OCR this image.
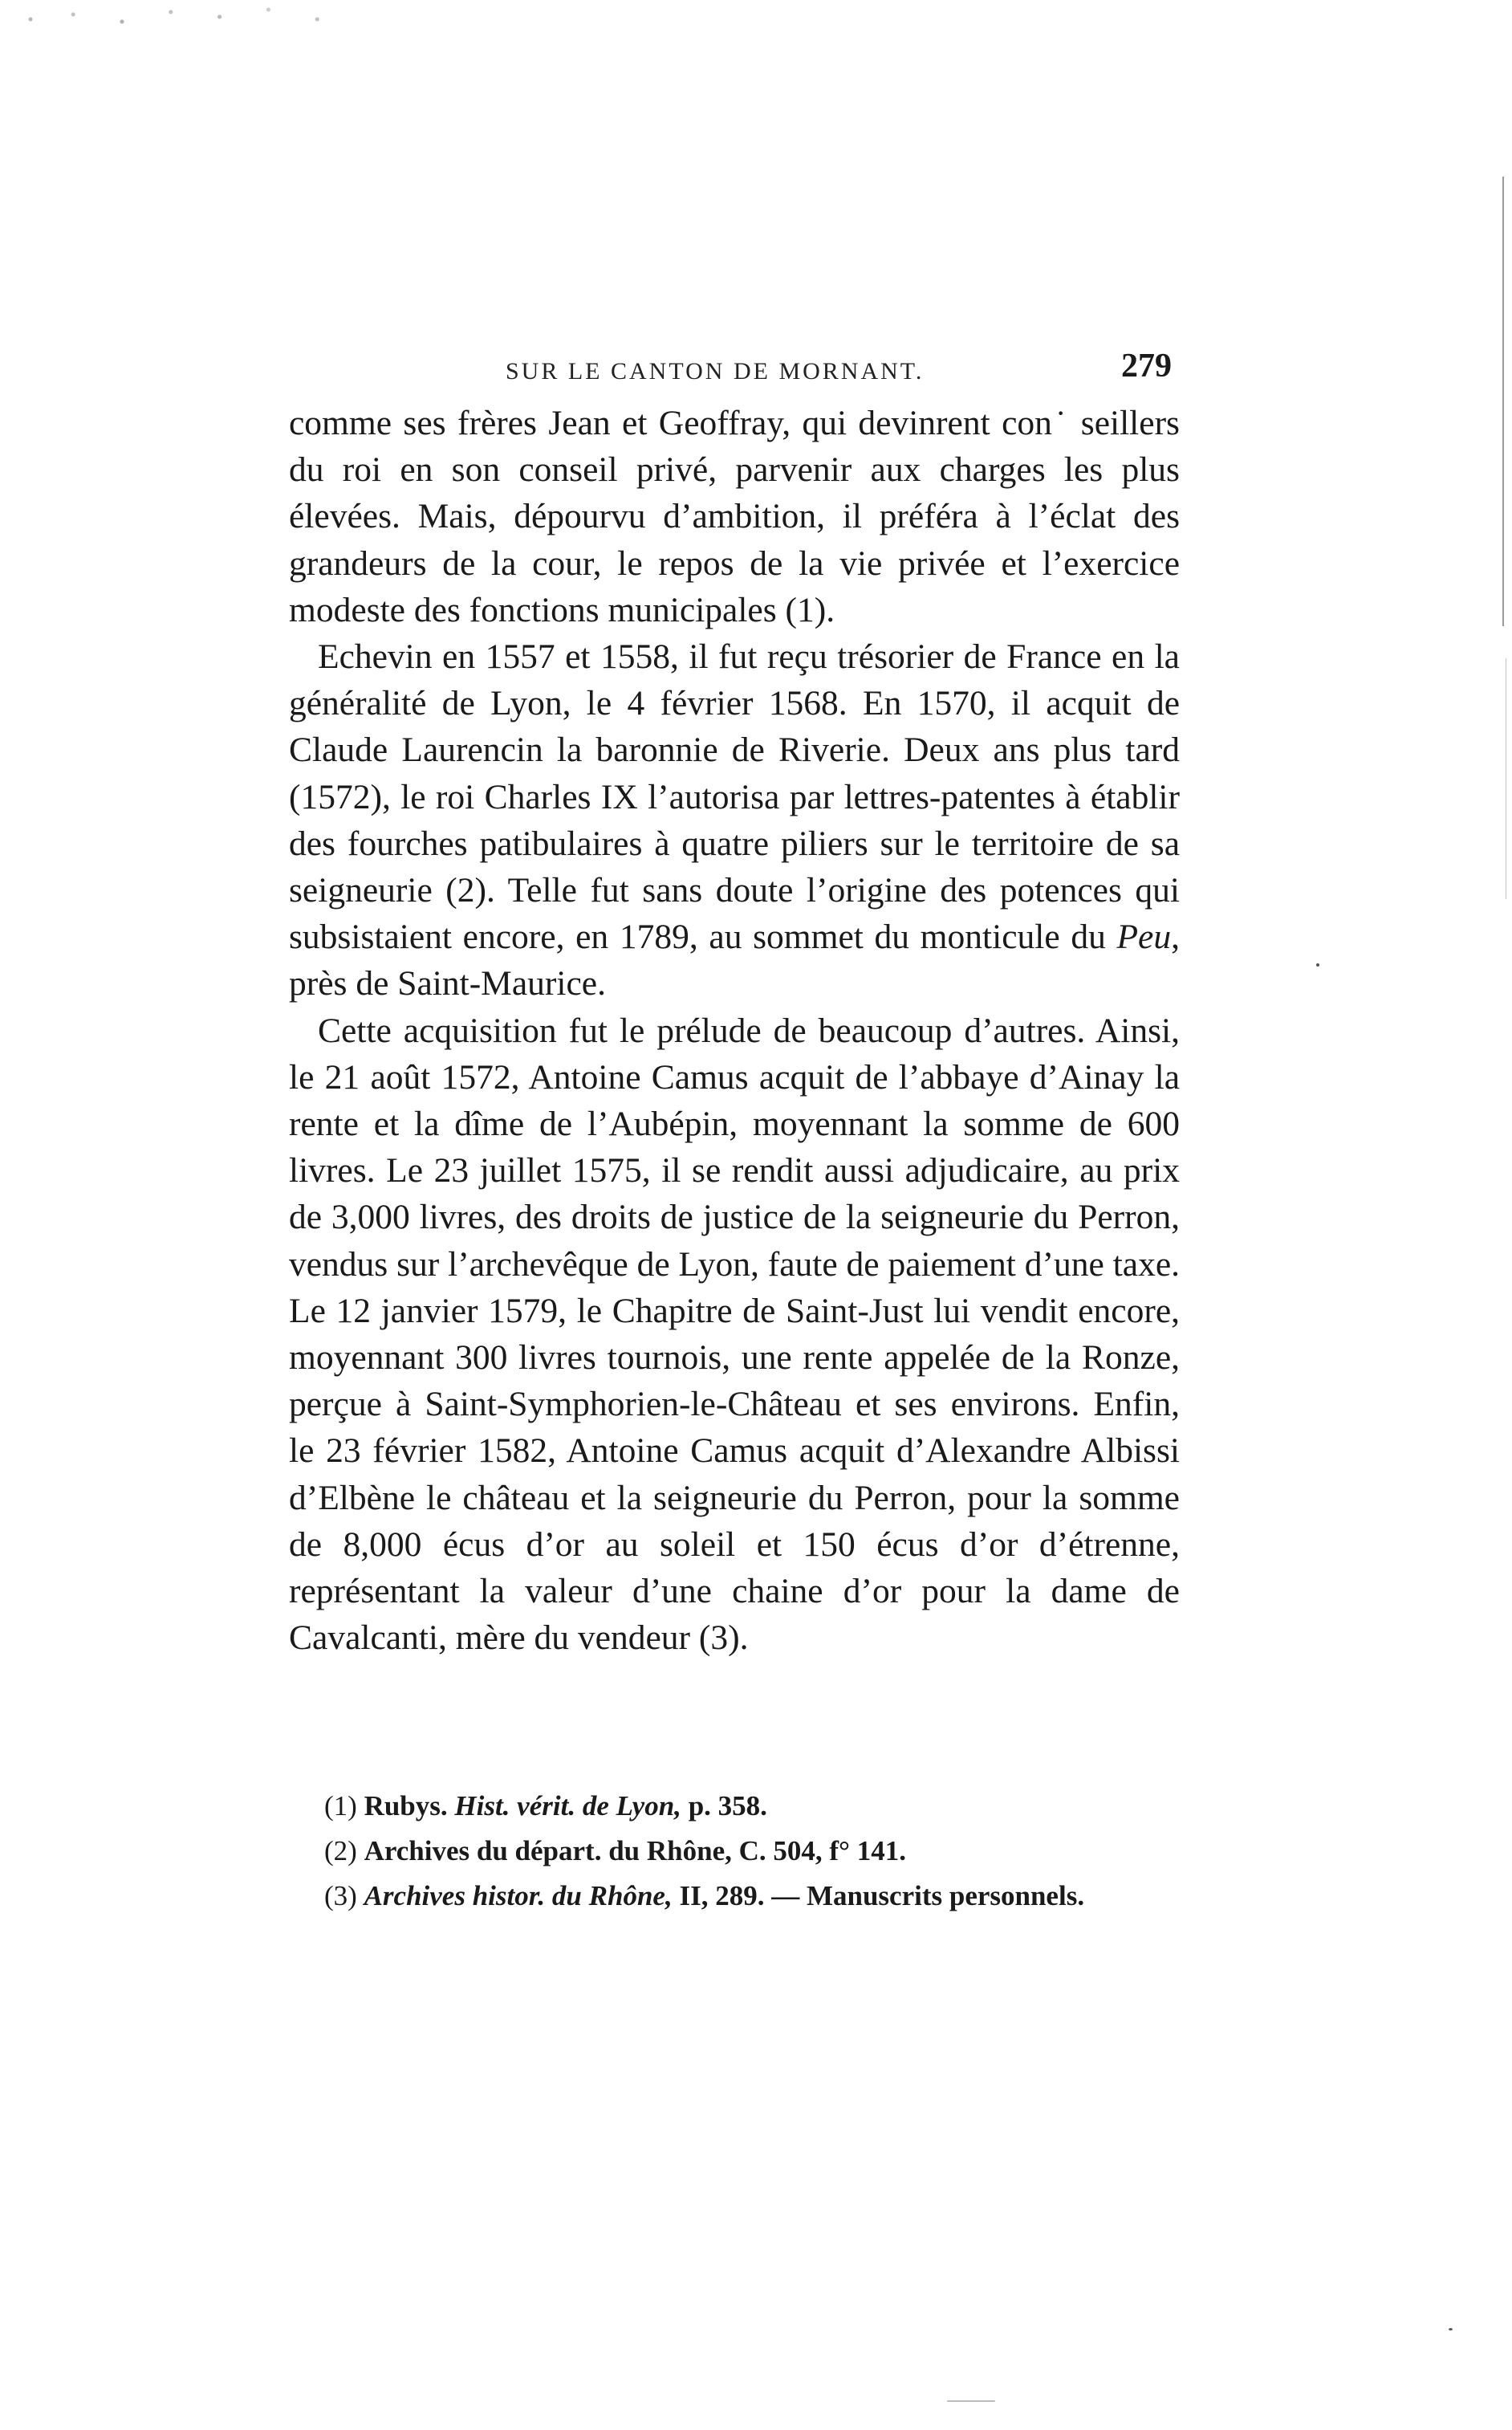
SUR LE CANTON DE MORNANT.	279

comme ses frères Jean et Geoffray, qui devinrent con˙ seillers du roi en son conseil privé, parvenir aux charges les plus élevées. Mais, dépourvu d’ambition, il préféra à l’éclat des grandeurs de la cour, le repos de la vie privée et l’exercice modeste des fonctions municipales (1).

Echevin en 1557 et 1558, il fut reçu trésorier de France en la généralité de Lyon, le 4 février 1568. En 1570, il acquit de Claude Laurencin la baronnie de Riverie. Deux ans plus tard (1572), le roi Charles IX l’autorisa par lettres-patentes à établir des fourches patibulaires à quatre piliers sur le territoire de sa seigneurie (2). Telle fut sans doute l’origine des potences qui subsistaient encore, en 1789, au sommet du monticule du Peu, près de Saint-Maurice.

Cette acquisition fut le prélude de beaucoup d’autres. Ainsi, le 21 août 1572, Antoine Camus acquit de l’abbaye d’Ainay la rente et la dîme de l’Aubépin, moyennant la somme de 600 livres. Le 23 juillet 1575, il se rendit aussi adjudicaire, au prix de 3,000 livres, des droits de justice de la seigneurie du Perron, vendus sur l’archevêque de Lyon, faute de paiement d’une taxe. Le 12 janvier 1579, le Chapitre de Saint-Just lui vendit encore, moyennant 300 livres tournois, une rente appelée de la Ronze, perçue à Saint-Symphorien-le-Château et ses environs. Enfin, le 23 février 1582, Antoine Camus acquit d’Alexandre Albissi d’Elbène le château et la seigneurie du Perron, pour la somme de 8,000 écus d’or au soleil et 150 écus d’or d’étrenne, représentant la valeur d’une chaine d’or pour la dame de Cavalcanti, mère du vendeur (3).

(1) Rubys. Hist. vérit. de Lyon, p. 358.

(2) Archives du départ. du Rhône, C. 504, f° 141.

(3) Archives histor. du Rhône, II, 289. — Manuscrits personnels.
